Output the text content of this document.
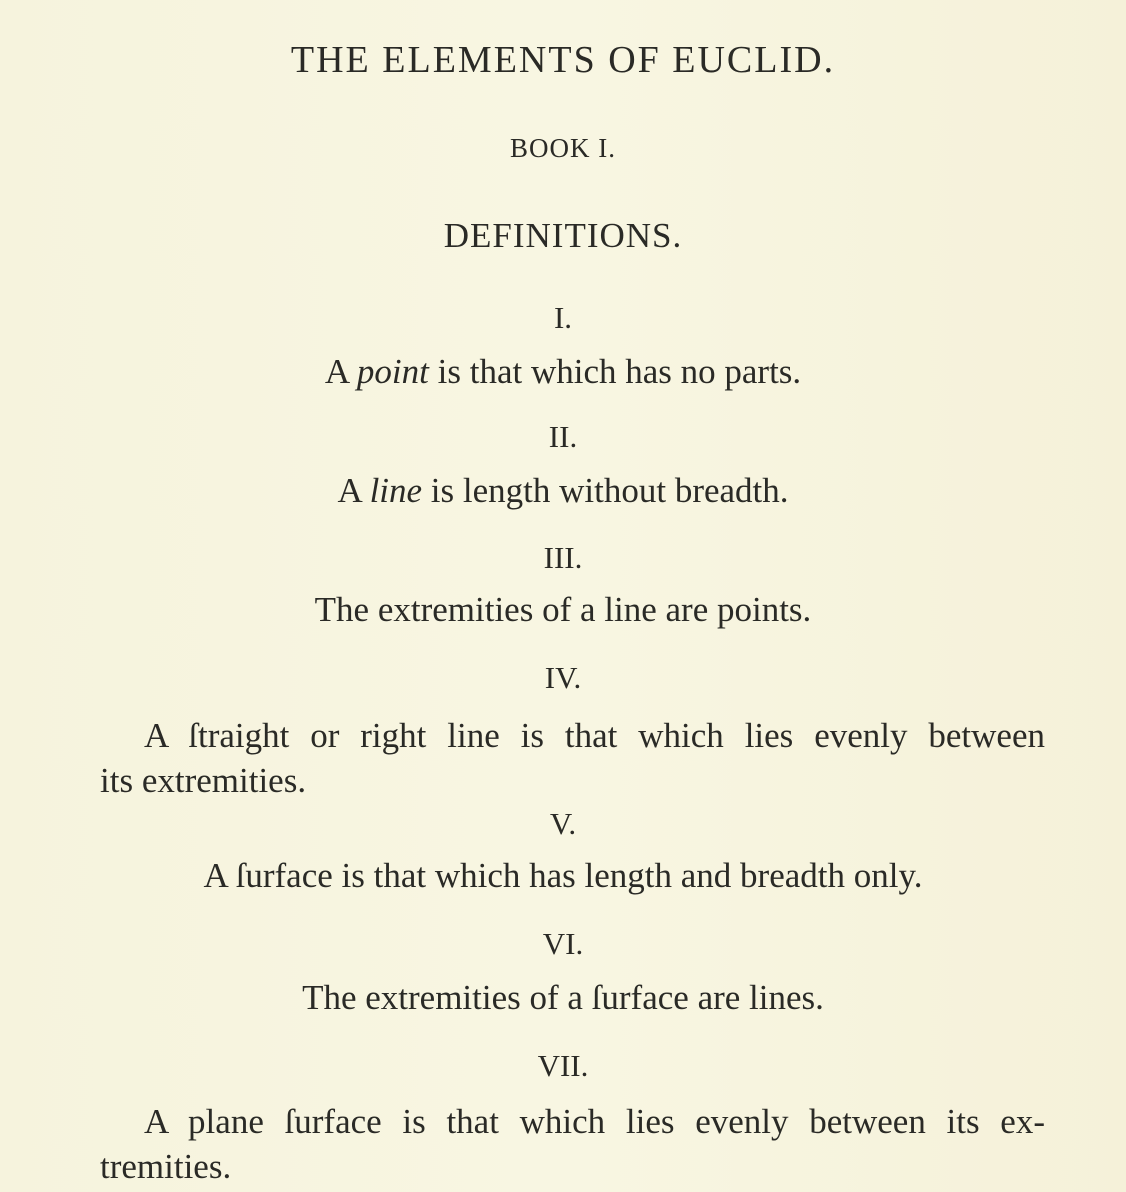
THE ELEMENTS OF EUCLID.
BOOK I.
DEFINITIONS.
I.
A point is that which has no parts.
II.
A line is length without breadth.
III.
The extremities of a line are points.
IV.
A ſtraight or right line is that which lies evenly between
its extremities.
V.
A ſurface is that which has length and breadth only.
VI.
The extremities of a ſurface are lines.
VII.
A plane ſurface is that which lies evenly between its ex-
tremities.
